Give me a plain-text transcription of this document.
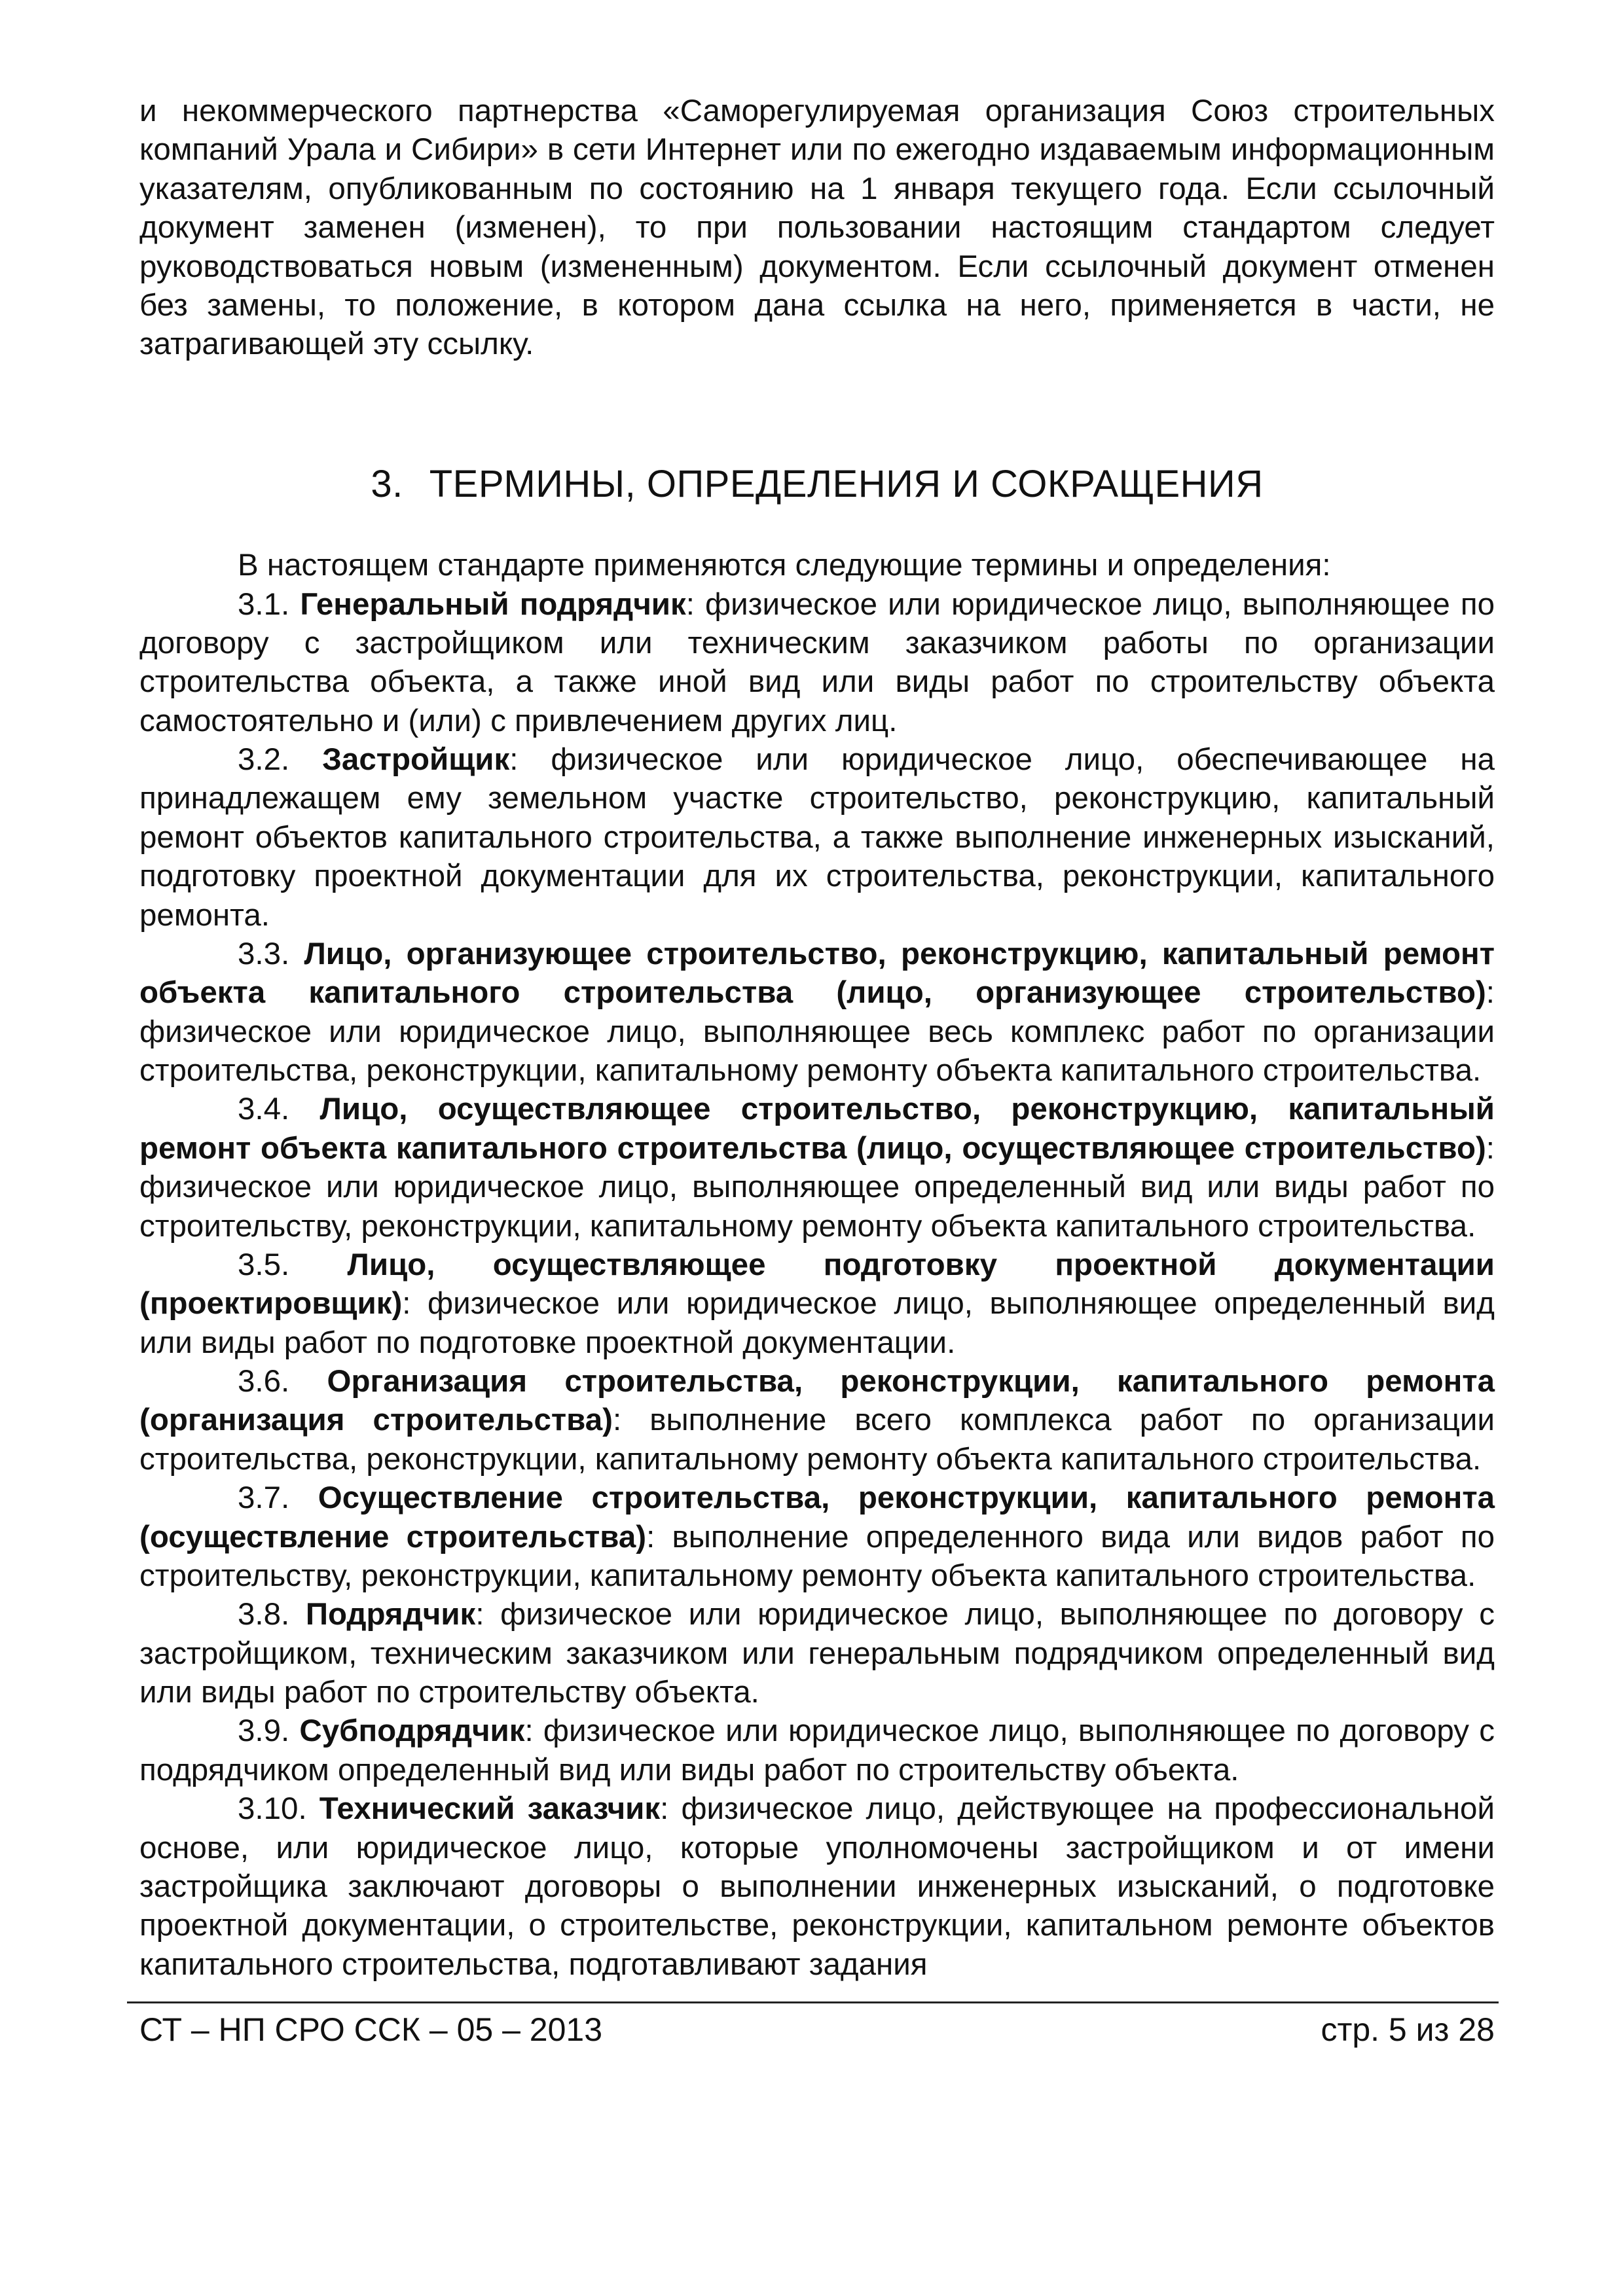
и некоммерческого партнерства «Саморегулируемая организация Союз строительных компаний Урала и Сибири» в сети Интернет или по ежегодно издаваемым информационным указателям, опубликованным по состоянию на 1 января текущего года. Если ссылочный документ заменен (изменен), то при пользовании настоящим стандартом следует руководствоваться новым (измененным) документом. Если ссылочный документ отменен без замены, то положение, в котором дана ссылка на него, применяется в части, не затрагивающей эту ссылку.

3. ТЕРМИНЫ, ОПРЕДЕЛЕНИЯ И СОКРАЩЕНИЯ

В настоящем стандарте применяются следующие термины и определения:

3.1. Генеральный подрядчик: физическое или юридическое лицо, выполняющее по договору с застройщиком или техническим заказчиком работы по организации строительства объекта, а также иной вид или виды работ по строительству объекта самостоятельно и (или) с привлечением других лиц.

3.2. Застройщик: физическое или юридическое лицо, обеспечивающее на принадлежащем ему земельном участке строительство, реконструкцию, капитальный ремонт объектов капитального строительства, а также выполнение инженерных изысканий, подготовку проектной документации для их строительства, реконструкции, капитального ремонта.

3.3. Лицо, организующее строительство, реконструкцию, капитальный ремонт объекта капитального строительства (лицо, организующее строительство): физическое или юридическое лицо, выполняющее весь комплекс работ по организации строительства, реконструкции, капитальному ремонту объекта капитального строительства.

3.4. Лицо, осуществляющее строительство, реконструкцию, капитальный ремонт объекта капитального строительства (лицо, осуществляющее строительство): физическое или юридическое лицо, выполняющее определенный вид или виды работ по строительству, реконструкции, капитальному ремонту объекта капитального строительства.

3.5. Лицо, осуществляющее подготовку проектной документации (проектировщик): физическое или юридическое лицо, выполняющее определенный вид или виды работ по подготовке проектной документации.

3.6. Организация строительства, реконструкции, капитального ремонта (организация строительства): выполнение всего комплекса работ по организации строительства, реконструкции, капитальному ремонту объекта капитального строительства.

3.7. Осуществление строительства, реконструкции, капитального ремонта (осуществление строительства): выполнение определенного вида или видов работ по строительству, реконструкции, капитальному ремонту объекта капитального строительства.

3.8. Подрядчик: физическое или юридическое лицо, выполняющее по договору с застройщиком, техническим заказчиком или генеральным подрядчиком определенный вид или виды работ по строительству объекта.

3.9. Субподрядчик: физическое или юридическое лицо, выполняющее по договору с подрядчиком определенный вид или виды работ по строительству объекта.

3.10. Технический заказчик: физическое лицо, действующее на профессиональной основе, или юридическое лицо, которые уполномочены застройщиком и от имени застройщика заключают договоры о выполнении инженерных изысканий, о подготовке проектной документации, о строительстве, реконструкции, капитальном ремонте объектов капитального строительства, подготавливают задания

СТ – НП СРО ССК – 05 – 2013	стр. 5 из 28
